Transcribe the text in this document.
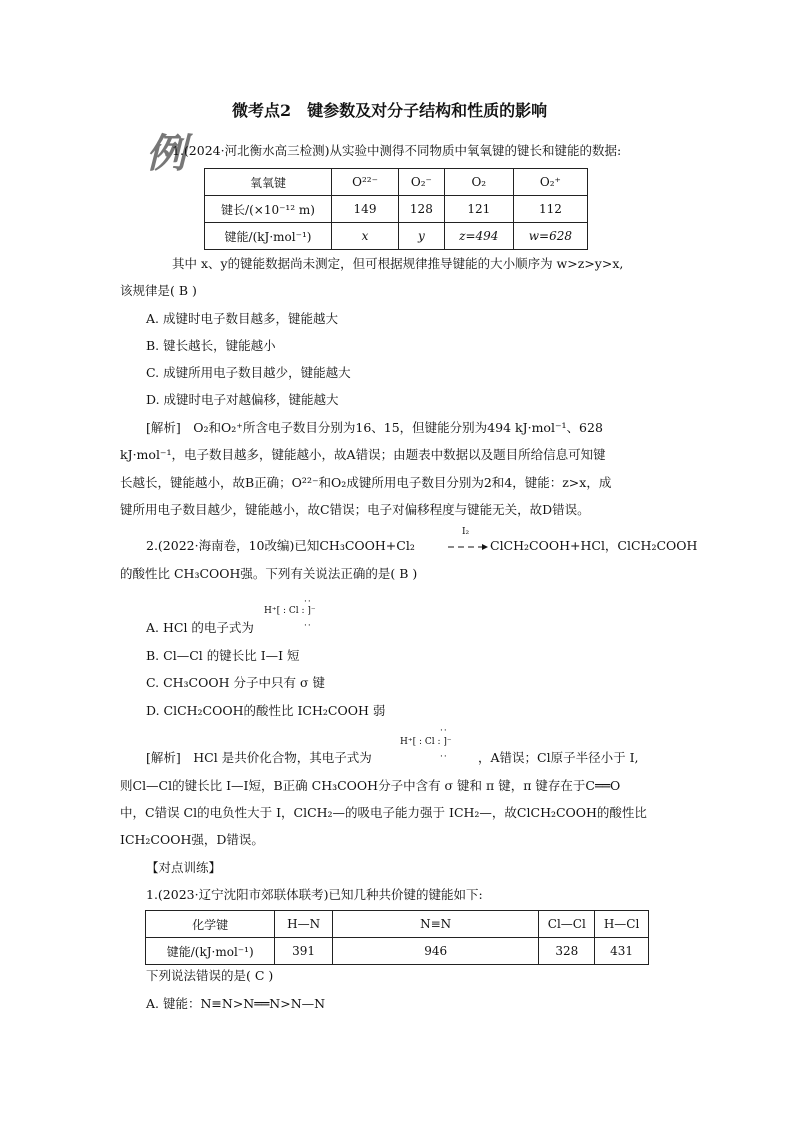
微考点2　键参数及对分子结构和性质的影响
例
1.(2024·河北衡水高三检测)从实验中测得不同物质中氧氧键的键长和键能的数据:
氧氧键	O²²⁻	O₂⁻	O₂	O₂⁺
键长/(×10⁻¹² m)	149	128	121	112
键能/(kJ·mol⁻¹)	x	y	z=494	w=628
其中 x、y的键能数据尚未测定，但可根据规律推导键能的大小顺序为 w>z>y>x,
该规律是( B )
A. 成键时电子数目越多，键能越大
B. 键长越长，键能越小
C. 成键所用电子数目越少，键能越大
D. 成键时电子对越偏移，键能越大
[解析]　O₂和O₂⁺所含电子数目分别为16、15，但键能分别为494 kJ·mol⁻¹、628
kJ·mol⁻¹，电子数目越多，键能越小，故A错误；由题表中数据以及题目所给信息可知键
长越长，键能越小，故B正确；O²²⁻和O₂成键所用电子数目分别为2和4，键能：z>x，成
键所用电子数目越少，键能越小，故C错误；电子对偏移程度与键能无关，故D错误。
2.(2022·海南卷，10改编)已知CH₃COOH+Cl₂
I₂
→ ClCH₂COOH+HCl，ClCH₂COOH
的酸性比 CH₃COOH强。下列有关说法正确的是( B )
A. HCl 的电子式为
··
H⁺[ : Cl : ]⁻
··
B. Cl—Cl 的键长比 I—I 短
C. CH₃COOH 分子中只有 σ 键
D. ClCH₂COOH的酸性比 ICH₂COOH 弱
[解析]　HCl 是共价化合物，其电子式为
··
H⁺[ : Cl : ]⁻
·· ，A错误；Cl原子半径小于 I,
则Cl—Cl的键长比 I—I短，B正确 CH₃COOH分子中含有 σ 键和 π 键，π 键存在于C══O
中，C错误 Cl的电负性大于 I，ClCH₂—的吸电子能力强于 ICH₂—，故ClCH₂COOH的酸性比
ICH₂COOH强，D错误。
【对点训练】
1.(2023·辽宁沈阳市郊联体联考)已知几种共价键的键能如下:
化学键	H—N	N≡N	Cl—Cl	H—Cl
键能/(kJ·mol⁻¹)	391	946	328	431
下列说法错误的是( C )
A. 键能：N≡N>N══N>N—N
